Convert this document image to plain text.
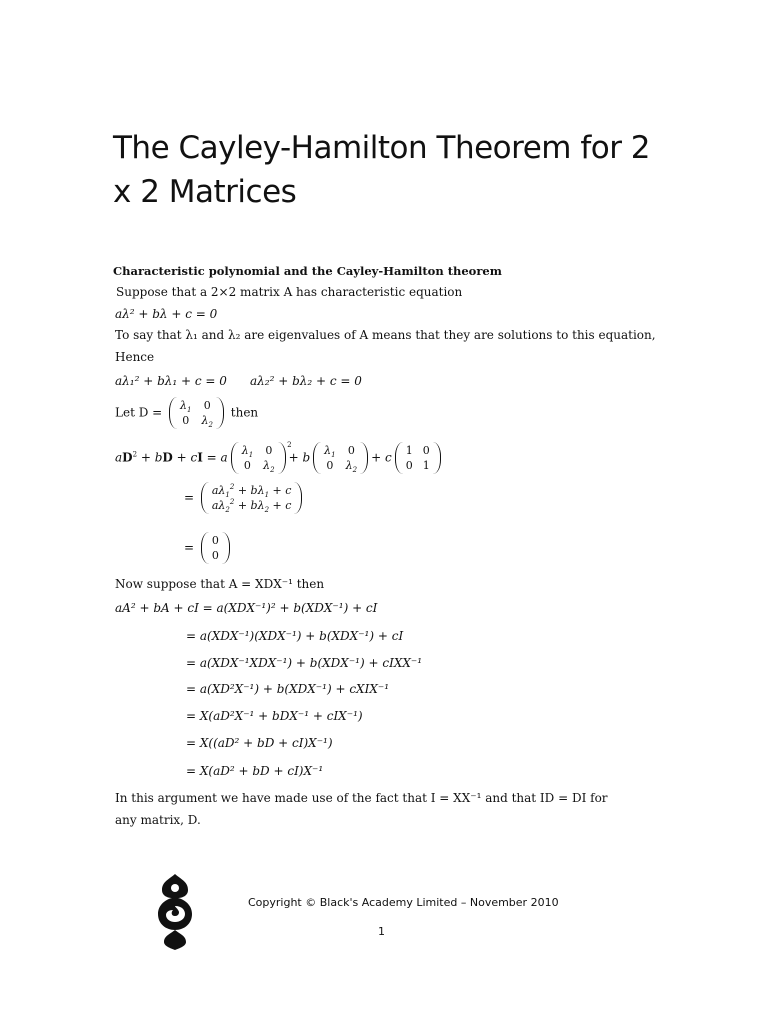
The Cayley-Hamilton Theorem for 2 x 2 Matrices
Characteristic polynomial and the Cayley-Hamilton theorem
Suppose that a 2×2 matrix A has characteristic equation
aλ² + bλ + c = 0
To say that λ₁ and λ₂ are eigenvalues of A means that they are solutions to this equation,
Hence
aλ₁² + bλ₁ + c = 0 aλ₂² + bλ₂ + c = 0
Let $D = \lambda_1$	0
0	$\lambda_2$
then
$aD^2$ + bD + cI = a $\lambda_1$	0
0	$\lambda_2$
2
+ b $\lambda_1$	0
0	$\lambda_2$
+ c 1	0
0	1
= $a\lambda_1^2 + b\lambda_1 + c$
$a\lambda_2^2 + b\lambda_2 + c$
= 0
0
Now suppose that A = XDX⁻¹ then
aA² + bA + cI = a(XDX⁻¹)² + b(XDX⁻¹) + cI
= a(XDX⁻¹)(XDX⁻¹) + b(XDX⁻¹) + cI
= a(XDX⁻¹XDX⁻¹) + b(XDX⁻¹) + cIXX⁻¹
= a(XD²X⁻¹) + b(XDX⁻¹) + cXIX⁻¹
= X(aD²X⁻¹ + bDX⁻¹ + cIX⁻¹)
= X((aD² + bD + cI)X⁻¹)
= X(aD² + bD + cI)X⁻¹
In this argument we have made use of the fact that I = XX⁻¹ and that ID = DI for
any matrix, D.
Copyright © Black's Academy Limited – November 2010
1
